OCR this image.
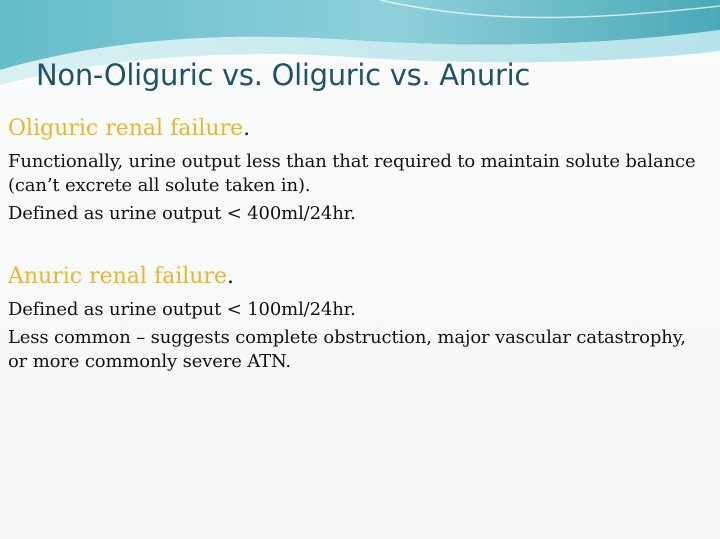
Non-Oliguric vs. Oliguric vs. Anuric

Oliguric renal failure.

Functionally, urine output less than that required to maintain solute balance (can’t excrete all solute taken in).

Defined as urine output < 400ml/24hr.

Anuric renal failure.

Defined as urine output < 100ml/24hr.

Less common – suggests complete obstruction, major vascular catastrophy, or more commonly severe ATN.
